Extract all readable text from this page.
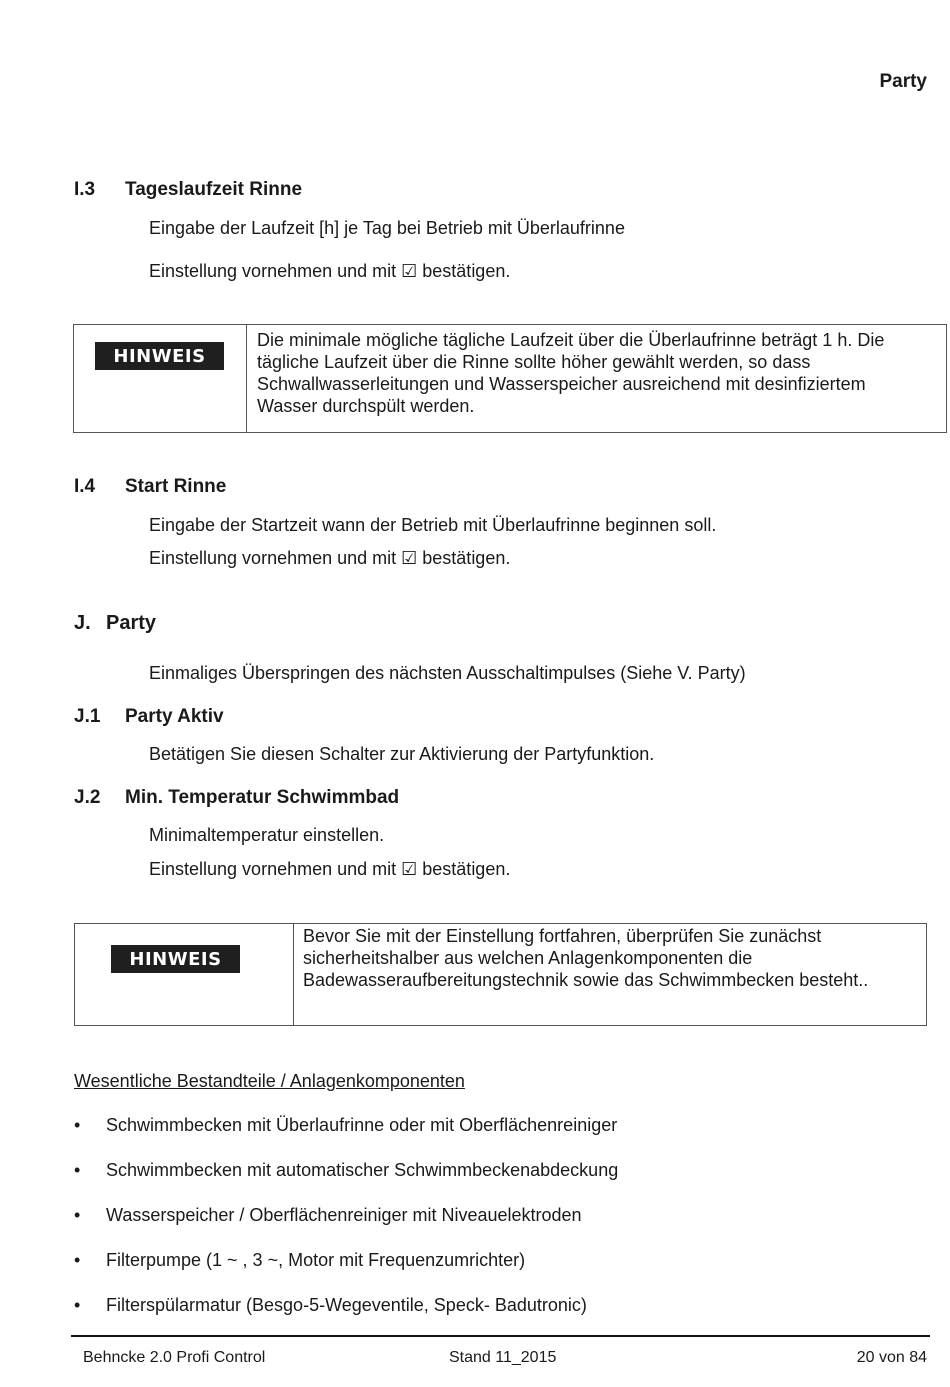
Party
I.3 Tageslaufzeit Rinne
Eingabe der Laufzeit [h] je Tag bei Betrieb mit Überlaufrinne
Einstellung vornehmen und mit ☑ bestätigen.
HINWEIS
Die minimale mögliche tägliche Laufzeit über die Überlaufrinne beträgt 1 h. Die
tägliche Laufzeit über die Rinne sollte höher gewählt werden, so dass
Schwallwasserleitungen und Wasserspeicher ausreichend mit desinfiziertem
Wasser durchspült werden.
I.4 Start Rinne
Eingabe der Startzeit wann der Betrieb mit Überlaufrinne beginnen soll.
Einstellung vornehmen und mit ☑ bestätigen.
J. Party
Einmaliges Überspringen des nächsten Ausschaltimpulses (Siehe V. Party)
J.1 Party Aktiv
Betätigen Sie diesen Schalter zur Aktivierung der Partyfunktion.
J.2 Min. Temperatur Schwimmbad
Minimaltemperatur einstellen.
Einstellung vornehmen und mit ☑ bestätigen.
HINWEIS
Bevor Sie mit der Einstellung fortfahren, überprüfen Sie zunächst
sicherheitshalber aus welchen Anlagenkomponenten die
Badewasseraufbereitungstechnik sowie das Schwimmbecken besteht..
Wesentliche Bestandteile / Anlagenkomponenten
•	Schwimmbecken mit Überlaufrinne oder mit Oberflächenreiniger
•	Schwimmbecken mit automatischer Schwimmbeckenabdeckung
•	Wasserspeicher / Oberflächenreiniger mit Niveauelektroden
•	Filterpumpe (1 ~ , 3 ~, Motor mit Frequenzumrichter)
•	Filterspülarmatur (Besgo-5-Wegeventile, Speck- Badutronic)
Behncke 2.0 Profi Control	Stand 11_2015	20 von 84
